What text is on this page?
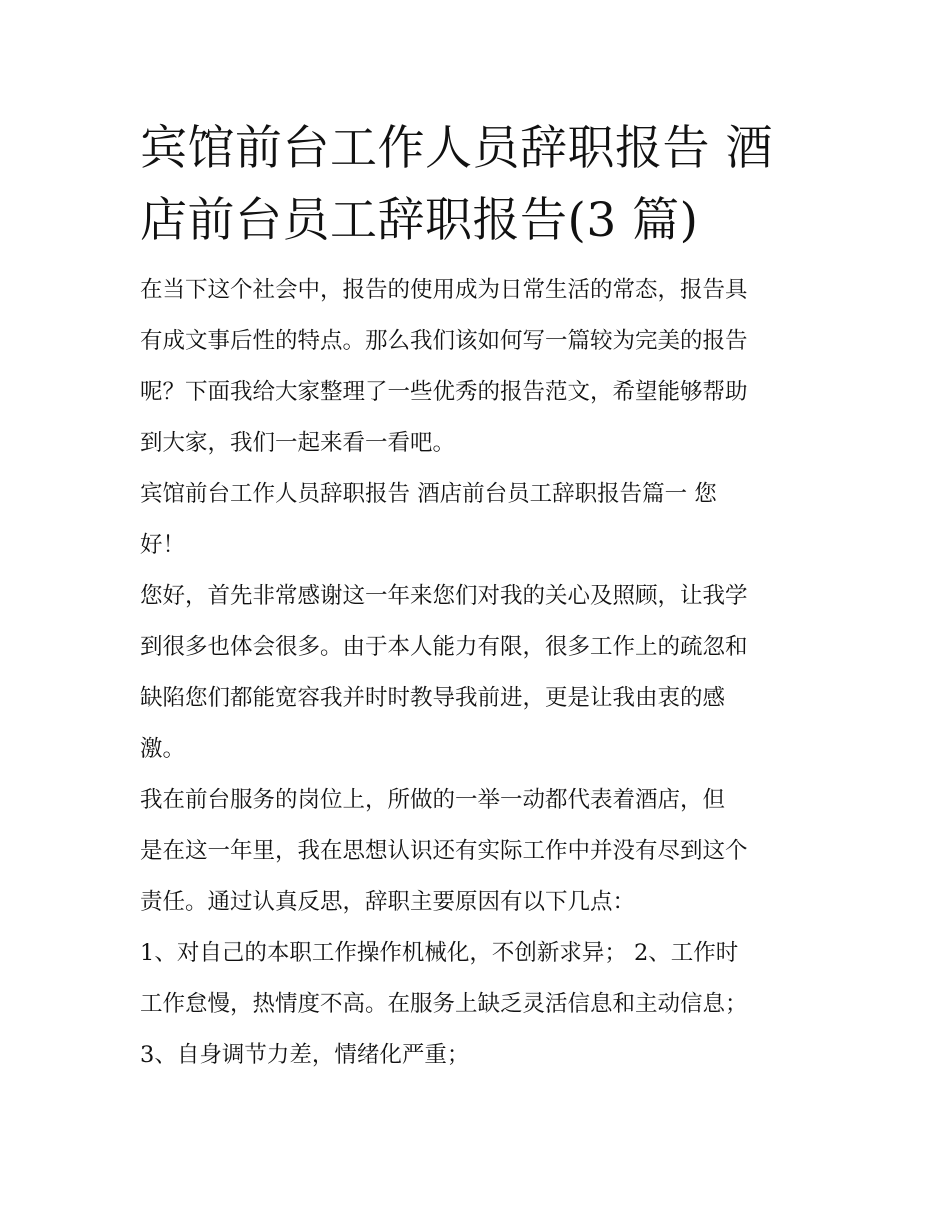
宾馆前台工作人员辞职报告 酒
店前台员工辞职报告(3 篇)
在当下这个社会中，报告的使用成为日常生活的常态，报告具
有成文事后性的特点。那么我们该如何写一篇较为完美的报告
呢？下面我给大家整理了一些优秀的报告范文，希望能够帮助
到大家，我们一起来看一看吧。
宾馆前台工作人员辞职报告 酒店前台员工辞职报告篇一 您
好！
您好，首先非常感谢这一年来您们对我的关心及照顾，让我学
到很多也体会很多。由于本人能力有限，很多工作上的疏忽和
缺陷您们都能宽容我并时时教导我前进，更是让我由衷的感
激。
我在前台服务的岗位上，所做的一举一动都代表着酒店，但
是在这一年里，我在思想认识还有实际工作中并没有尽到这个
责任。通过认真反思，辞职主要原因有以下几点：
1、对自己的本职工作操作机械化，不创新求异； 2、工作时
工作怠慢，热情度不高。在服务上缺乏灵活信息和主动信息；
3、自身调节力差，情绪化严重；
